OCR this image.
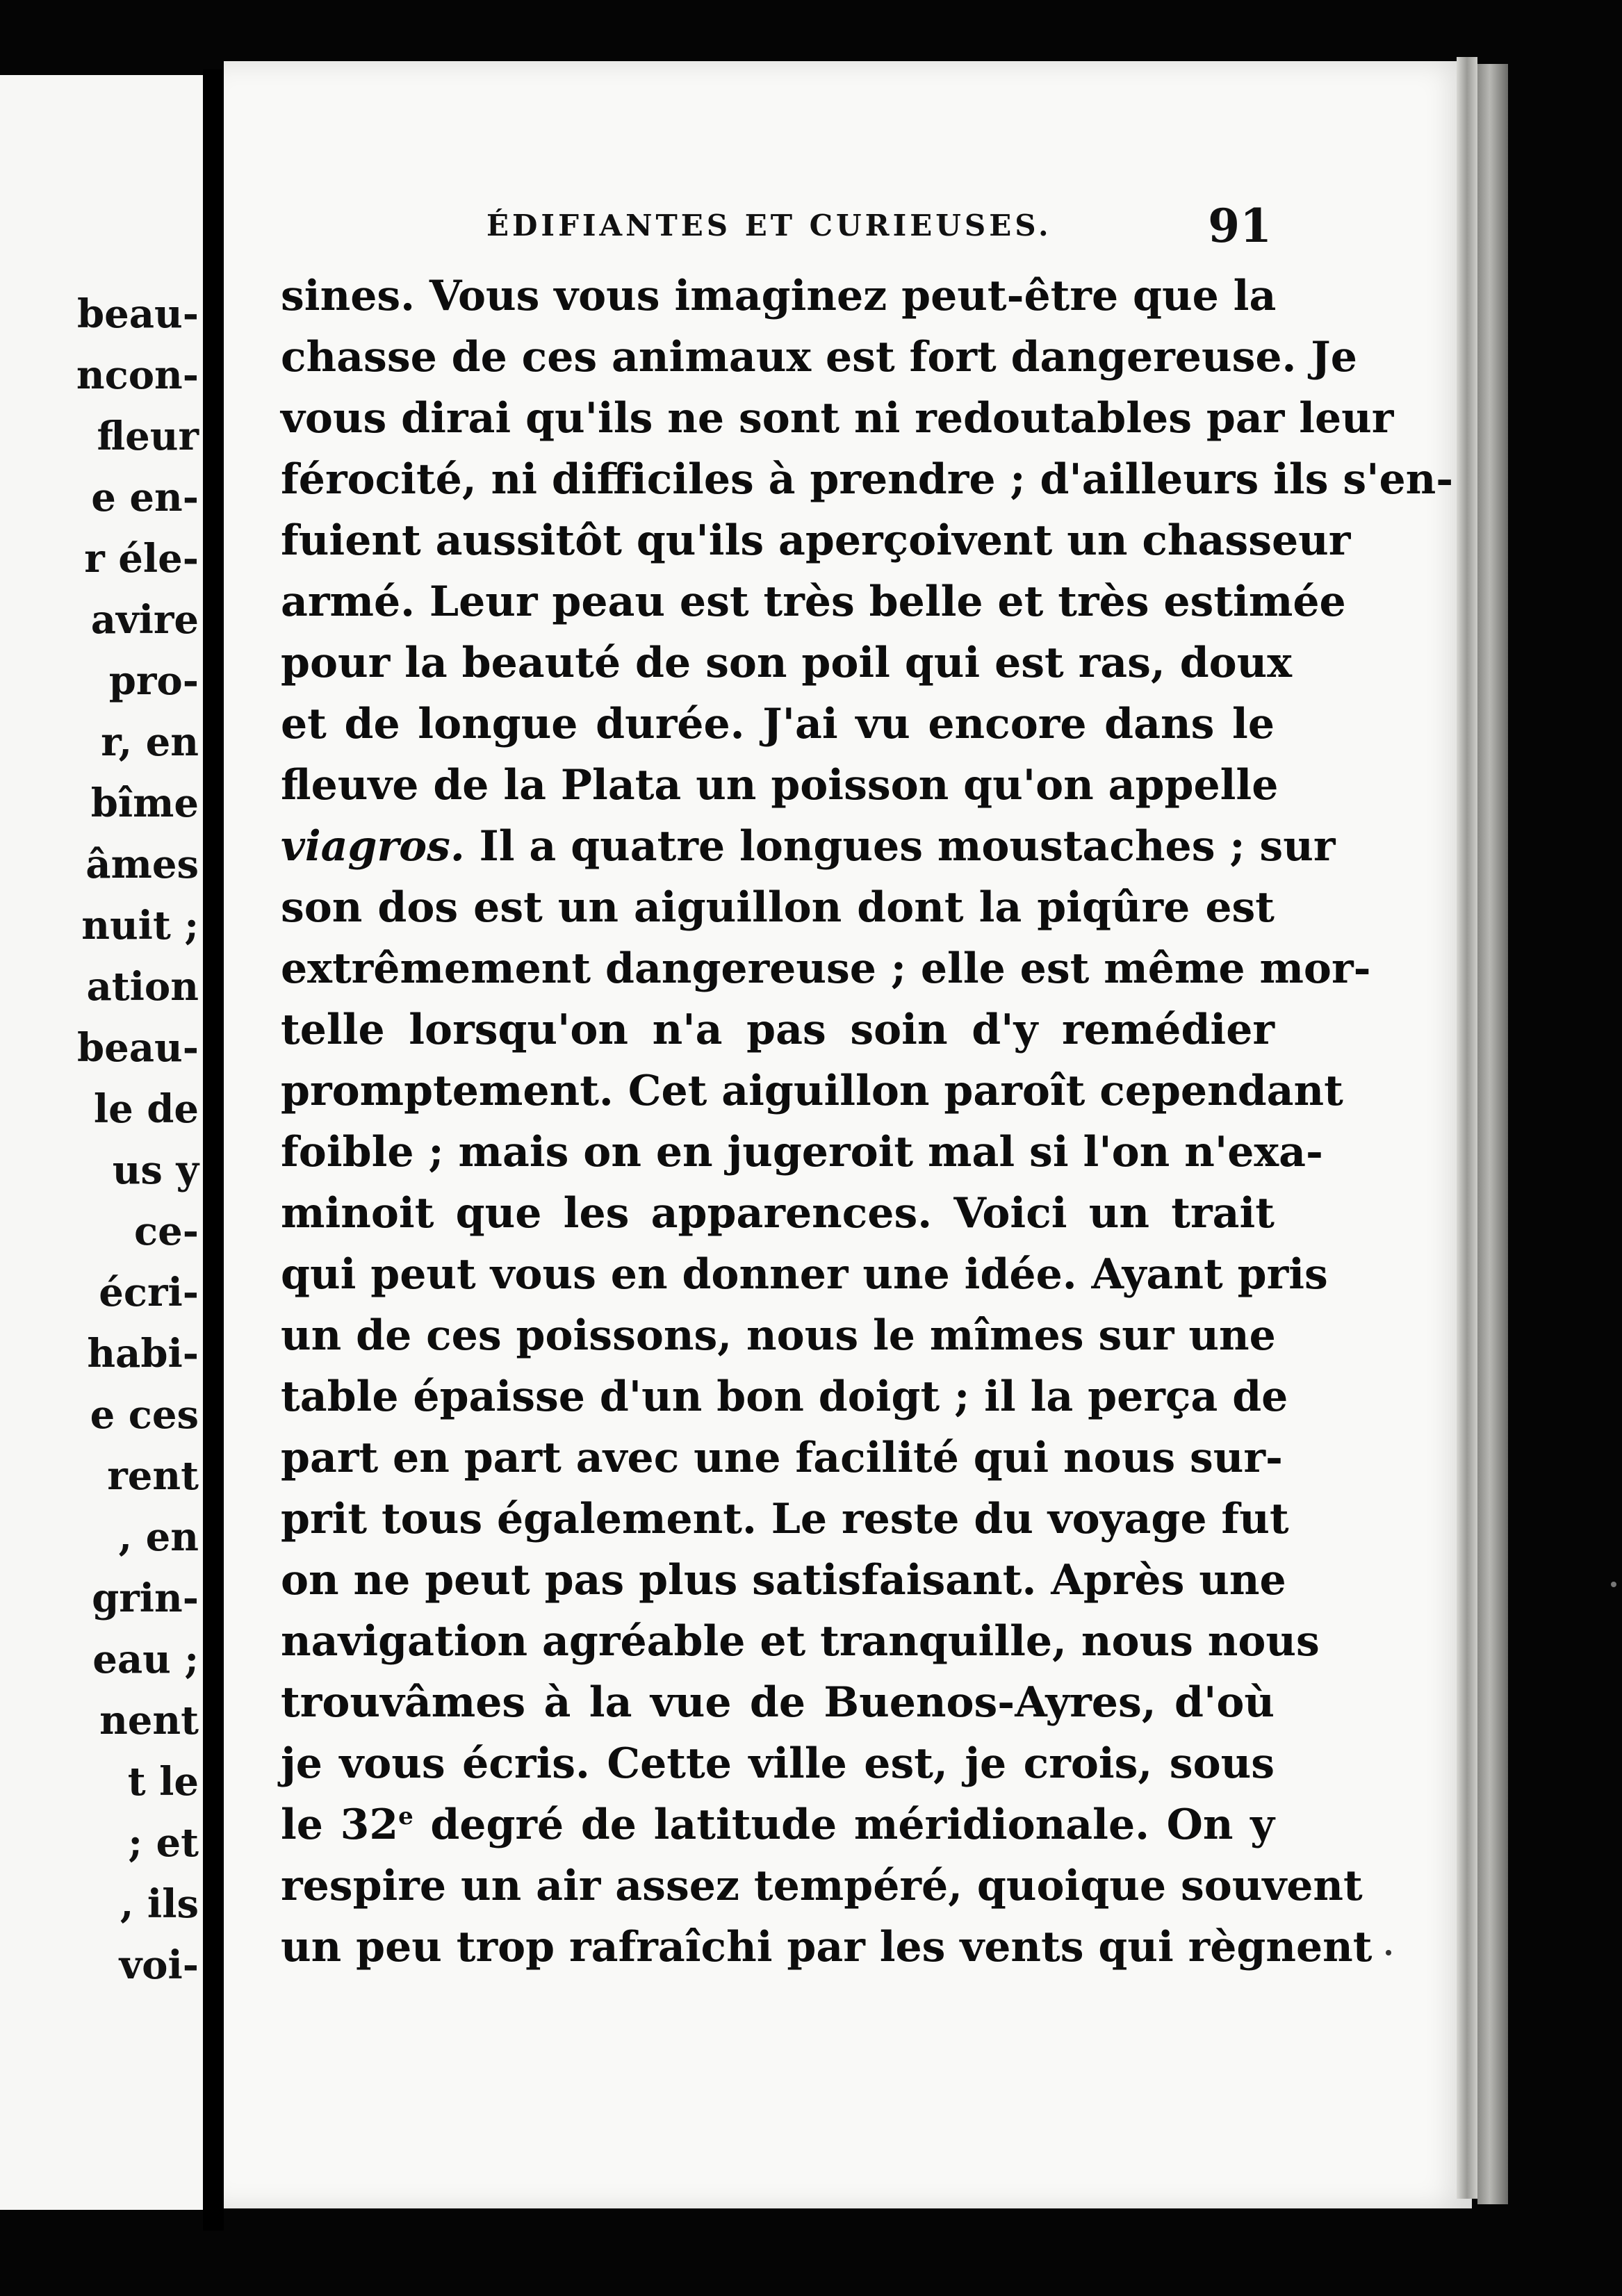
beau-
ncon-
fleur
e en-
r éle-
avire
pro-
r, en
bîme
âmes
nuit ;
ation
beau-
le de
us y
ce-
écri-
habi-
e ces
rent
, en
grin-
eau ;
nent
t le
; et
, ils
voi-
ÉDIFIANTES ET CURIEUSES.	91
sines. Vous vous imaginez peut-être que la
chasse de ces animaux est fort dangereuse. Je
vous dirai qu'ils ne sont ni redoutables par leur
férocité, ni difficiles à prendre ; d'ailleurs ils s'en-
fuient aussitôt qu'ils aperçoivent un chasseur
armé. Leur peau est très belle et très estimée
pour la beauté de son poil qui est ras, doux
et de longue durée. J'ai vu encore dans le
fleuve de la Plata un poisson qu'on appelle
viagros. Il a quatre longues moustaches ; sur
son dos est un aiguillon dont la piqûre est
extrêmement dangereuse ; elle est même mor-
telle lorsqu'on n'a pas soin d'y remédier
promptement. Cet aiguillon paroît cependant
foible ; mais on en jugeroit mal si l'on n'exa-
minoit que les apparences. Voici un trait
qui peut vous en donner une idée. Ayant pris
un de ces poissons, nous le mîmes sur une
table épaisse d'un bon doigt ; il la perça de
part en part avec une facilité qui nous sur-
prit tous également. Le reste du voyage fut
on ne peut pas plus satisfaisant. Après une
navigation agréable et tranquille, nous nous
trouvâmes à la vue de Buenos-Ayres, d'où
je vous écris. Cette ville est, je crois, sous
le 32e degré de latitude méridionale. On y
respire un air assez tempéré, quoique souvent
un peu trop rafraîchi par les vents qui règnent
